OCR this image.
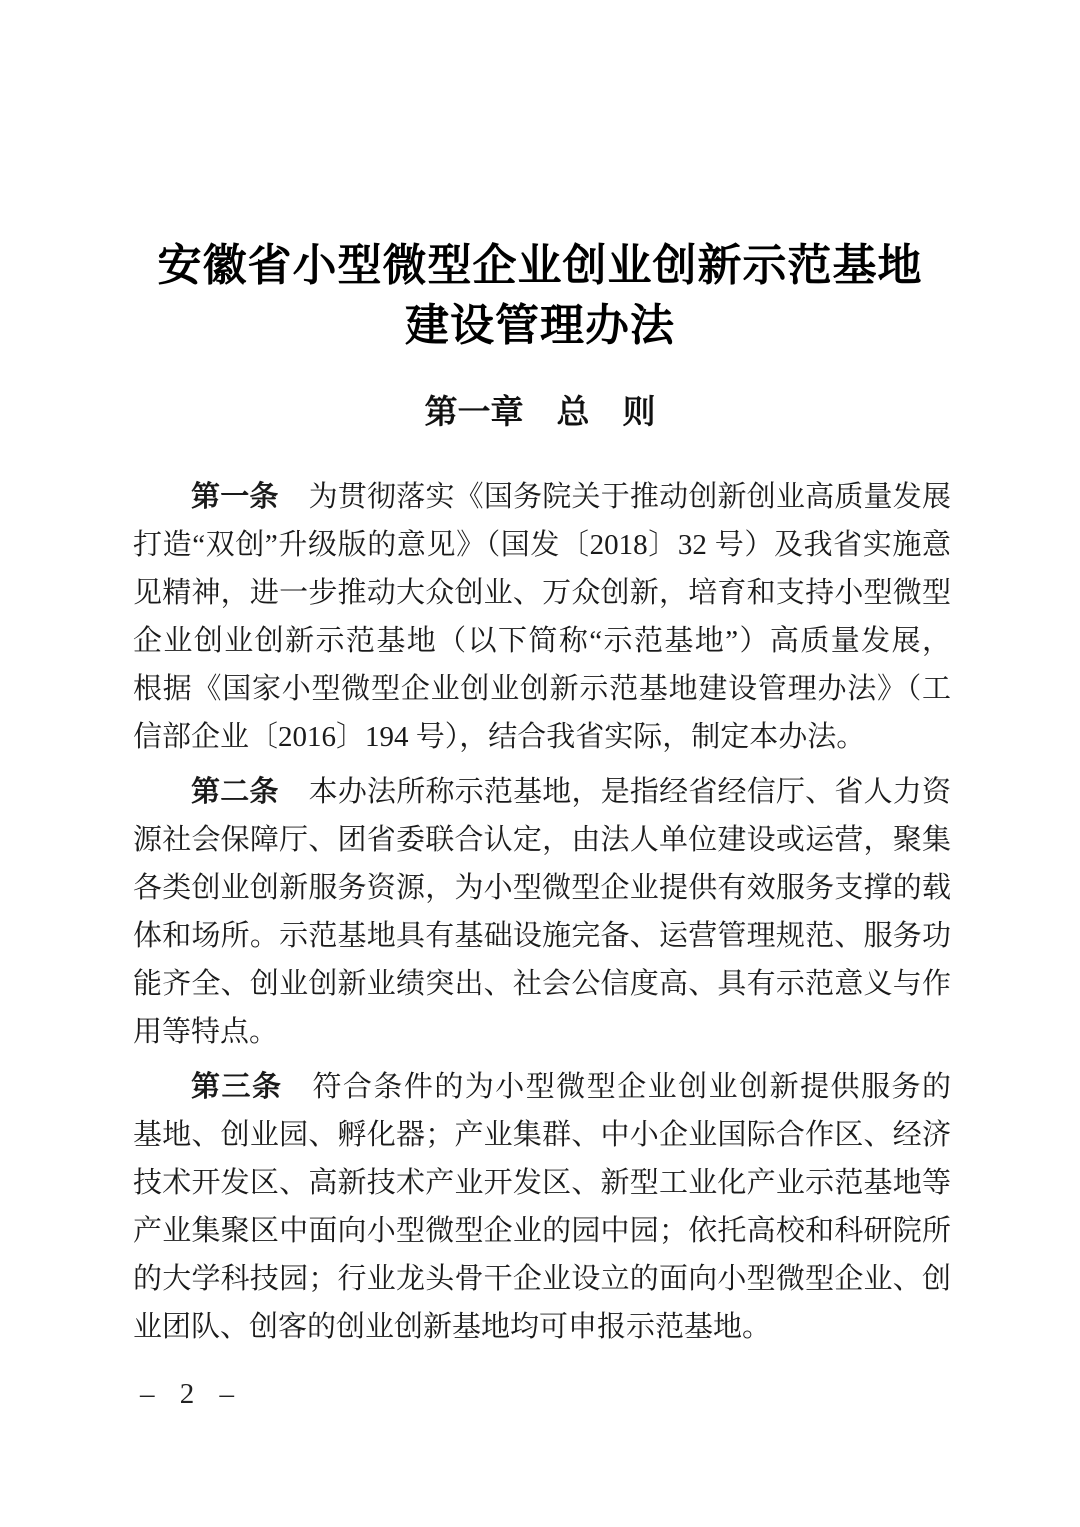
安徽省小型微型企业创业创新示范基地
建设管理办法
第一章　总　则
第一条 为贯彻落实《国务院关于推动创新创业高质量发展
打造“双创”升级版的意见》（国发〔2018〕32 号）及我省实施意
见精神，进一步推动大众创业、万众创新，培育和支持小型微型
企业创业创新示范基地（以下简称“示范基地”）高质量发展，
根据《国家小型微型企业创业创新示范基地建设管理办法》（工
信部企业〔2016〕194 号），结合我省实际，制定本办法。
第二条 本办法所称示范基地，是指经省经信厅、省人力资
源社会保障厅、团省委联合认定，由法人单位建设或运营，聚集
各类创业创新服务资源，为小型微型企业提供有效服务支撑的载
体和场所。示范基地具有基础设施完备、运营管理规范、服务功
能齐全、创业创新业绩突出、社会公信度高、具有示范意义与作
用等特点。
第三条 符合条件的为小型微型企业创业创新提供服务的
基地、创业园、孵化器；产业集群、中小企业国际合作区、经济
技术开发区、高新技术产业开发区、新型工业化产业示范基地等
产业集聚区中面向小型微型企业的园中园；依托高校和科研院所
的大学科技园；行业龙头骨干企业设立的面向小型微型企业、创
业团队、创客的创业创新基地均可申报示范基地。
– 2 –
